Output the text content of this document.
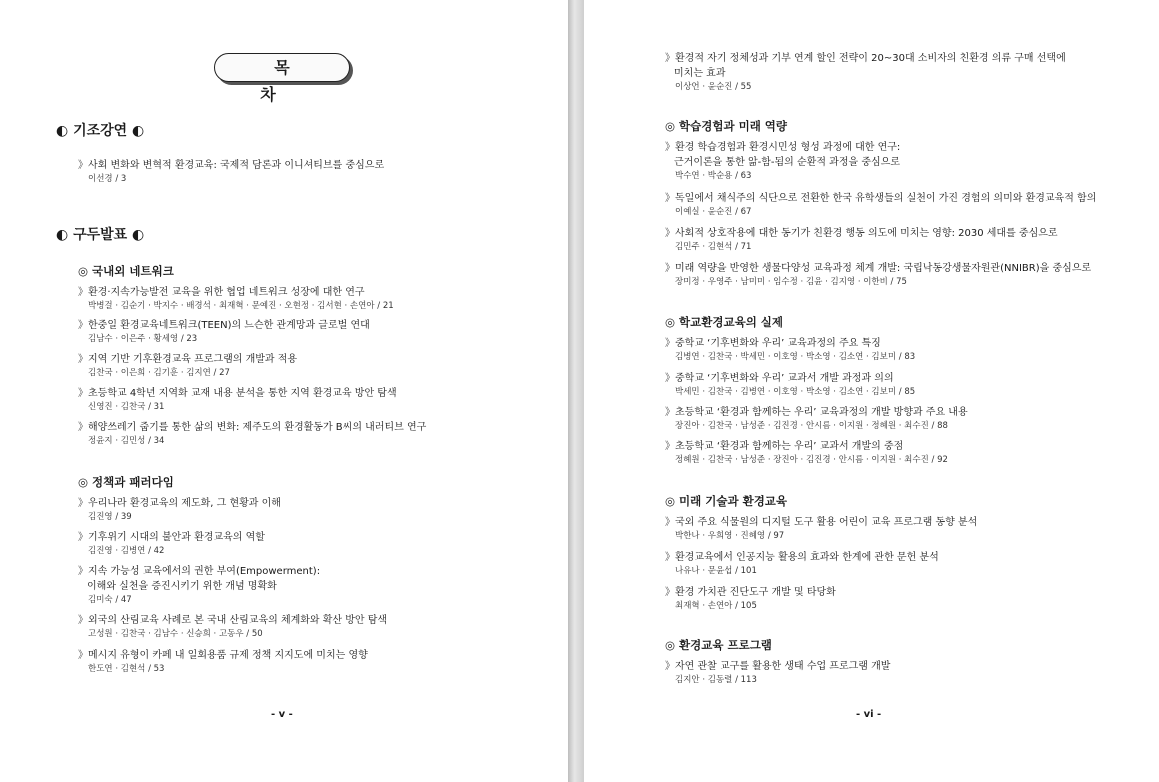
목 차
◐ 기조강연 ◐
》사회 변화와 변혁적 환경교육: 국제적 담론과 이니셔티브를 중심으로
이선경 / 3
◐ 구두발표 ◐
◎ 국내외 네트워크
》환경·지속가능발전 교육을 위한 협업 네트워크 성장에 대한 연구
박병걸 · 김순기 · 박지수 · 배경석 · 최재혁 · 문예진 · 오현정 · 김서현 · 손연아 / 21
》한중일 환경교육네트워크(TEEN)의 느슨한 관계망과 글로벌 연대
김남수 · 이은주 · 황세영 / 23
》지역 기반 기후환경교육 프로그램의 개발과 적용
김찬국 · 이은희 · 김기훈 · 김지연 / 27
》초등학교 4학년 지역화 교재 내용 분석을 통한 지역 환경교육 방안 탐색
신영진 · 김찬국 / 31
》해양쓰레기 줍기를 통한 삶의 변화: 제주도의 환경활동가 B씨의 내러티브 연구
정윤지 · 김민성 / 34
◎ 정책과 패러다임
》우리나라 환경교육의 제도화, 그 현황과 이해
김진영 / 39
》기후위기 시대의 불안과 환경교육의 역할
김진영 · 김병연 / 42
》지속 가능성 교육에서의 권한 부여(Empowerment):
이해와 실천을 증진시키기 위한 개념 명확화
김미숙 / 47
》외국의 산림교육 사례로 본 국내 산림교육의 체계화와 확산 방안 탐색
고성원 · 김찬국 · 김남수 · 신승희 · 고동우 / 50
》메시지 유형이 카페 내 일회용품 규제 정책 지지도에 미치는 영향
한도연 · 김현석 / 53
- v -
》환경적 자기 정체성과 기부 연계 할인 전략이 20~30대 소비자의 친환경 의류 구매 선택에
미치는 효과
이상언 · 윤순진 / 55
◎ 학습경험과 미래 역량
》환경 학습경험과 환경시민성 형성 과정에 대한 연구:
근거이론을 통한 앎-함-됨의 순환적 과정을 중심으로
박수연 · 박순용 / 63
》독일에서 채식주의 식단으로 전환한 한국 유학생들의 실천이 가진 경험의 의미와 환경교육적 함의
이예실 · 윤순진 / 67
》사회적 상호작용에 대한 동기가 친환경 행동 의도에 미치는 영향: 2030 세대를 중심으로
김민주 · 김현석 / 71
》미래 역량을 반영한 생물다양성 교육과정 체계 개발: 국립낙동강생물자원관(NNIBR)을 중심으로
장미정 · 우영주 · 남미미 · 임수정 · 김윤 · 김지영 · 이한비 / 75
◎ 학교환경교육의 실제
》중학교 ‘기후변화와 우리’ 교육과정의 주요 특징
김병연 · 김찬국 · 박세민 · 이호영 · 박소영 · 김소연 · 김보미 / 83
》중학교 ‘기후변화와 우리’ 교과서 개발 과정과 의의
박세민 · 김찬국 · 김병연 · 이호영 · 박소영 · 김소연 · 김보미 / 85
》초등학교 ‘환경과 함께하는 우리’ 교육과정의 개발 방향과 주요 내용
장진아 · 김찬국 · 남성준 · 김진경 · 안시름 · 이지원 · 정혜원 · 최수진 / 88
》초등학교 ‘환경과 함께하는 우리’ 교과서 개발의 중점
정혜원 · 김찬국 · 남성준 · 장진아 · 김진경 · 안시름 · 이지원 · 최수진 / 92
◎ 미래 기술과 환경교육
》국외 주요 식물원의 디지털 도구 활용 어린이 교육 프로그램 동향 분석
박한나 · 우희영 · 진혜영 / 97
》환경교육에서 인공지능 활용의 효과와 한계에 관한 문헌 분석
나유나 · 문윤섭 / 101
》환경 가치관 진단도구 개발 및 타당화
최재혁 · 손연아 / 105
◎ 환경교육 프로그램
》자연 관찰 교구를 활용한 생태 수업 프로그램 개발
김지안 · 김동렬 / 113
- vi -
